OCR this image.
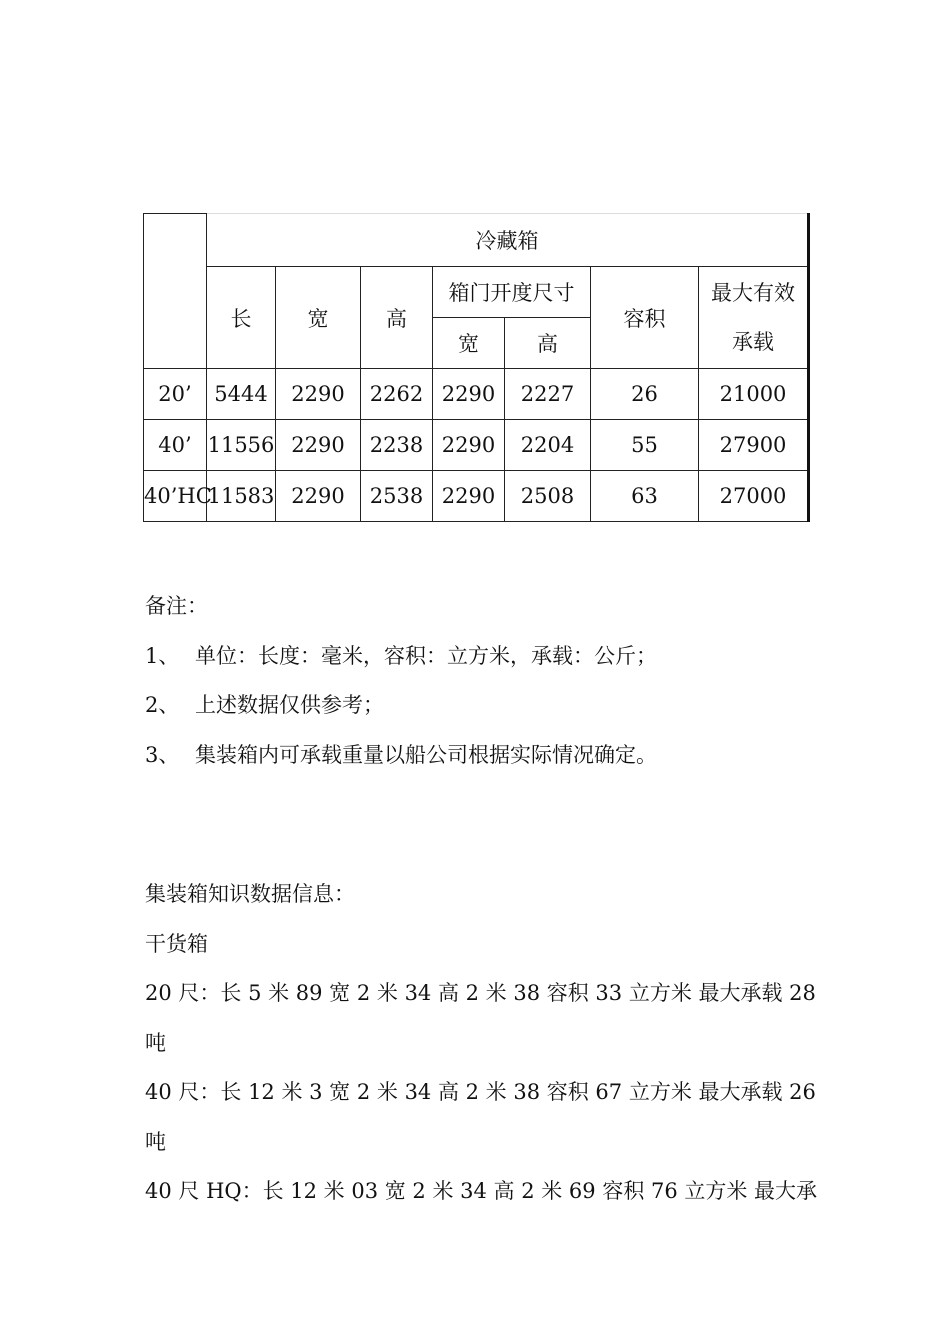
	冷藏箱						
	长	宽	高	箱门开度尺寸		容积	最大有效
承载

				宽	高		
20’	5444	2290	2262	2290	2227	26	21000
40’	11556	2290	2238	2290	2204	55	27900
40’HC	11583	2290	2538	2290	2508	63	27000
备注：
1、 单位：长度：毫米，容积：立方米，承载：公斤；
2、 上述数据仅供参考；
3、 集装箱内可承载重量以船公司根据实际情况确定。
集装箱知识数据信息：
干货箱
20 尺：长 5 米 89 宽 2 米 34 高 2 米 38 容积 33 立方米 最大承载 28
吨
40 尺：长 12 米 3 宽 2 米 34 高 2 米 38 容积 67 立方米 最大承载 26
吨
40 尺 HQ：长 12 米 03 宽 2 米 34 高 2 米 69 容积 76 立方米 最大承
